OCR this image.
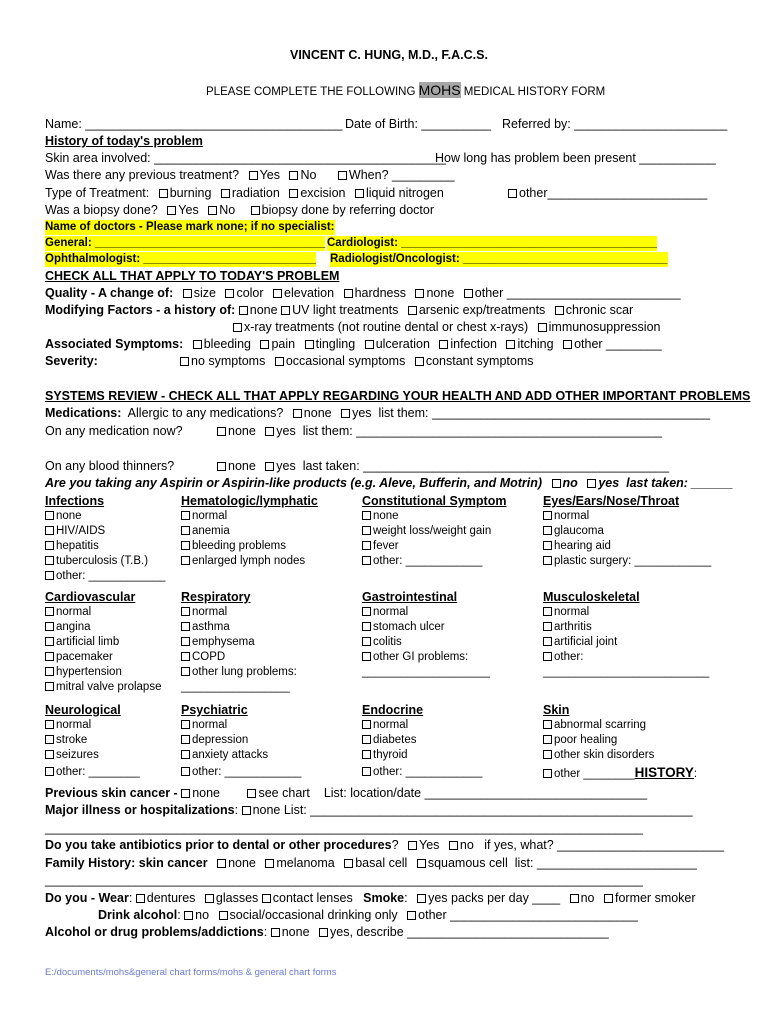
VINCENT C. HUNG, M.D., F.A.C.S.
PLEASE COMPLETE THE FOLLOWING MOHS MEDICAL HISTORY FORM
Name: _____________________________________ Date of Birth: __________ Referred by: ______________________
History of today's problem
Skin area involved: __________________________________________
How long has problem been present ___________
Was there any previous treatment? Yes No	When? _________
Type of Treatment: burning radiation excision liquid nitrogen	other_______________________
Was a biopsy done? Yes No biopsy done by referring doctor
Name of doctors - Please mark none; if no specialist:
General: ____________________________________ Cardiologist: ________________________________________
Ophthalmologist: ___________________________ Radiologist/Oncologist: ________________________________
CHECK ALL THAT APPLY TO TODAY'S PROBLEM
Quality - A change of: size color elevation hardness none other _________________________
Modifying Factors - a history of: none UV light treatments arsenic exp/treatments chronic scar
x-ray treatments (not routine dental or chest x-rays) immunosuppression
Associated Symptoms: bleeding pain tingling ulceration infection itching other ________
Severity:	no symptoms occasional symptoms constant symptoms
SYSTEMS REVIEW - CHECK ALL THAT APPLY REGARDING YOUR HEALTH AND ADD OTHER IMPORTANT PROBLEMS
Medications: Allergic to any medications? none yes list them: ________________________________________
On any medication now?	none yes list them: ____________________________________________
On any blood thinners?	none yes last taken: ____________________________________________
Are you taking any Aspirin or Aspirin-like products (e.g. Aleve, Bufferin, and Motrin) no yes last taken: ______
Infections
none
HIV/AIDS
hepatitis
tuberculosis (T.B.)
other: ____________
Hematologic/lymphatic
normal
anemia
bleeding problems
enlarged lymph nodes
Constitutional Symptom
none
weight loss/weight gain
fever
other: ____________
Eyes/Ears/Nose/Throat
normal
glaucoma
hearing aid
plastic surgery: ____________
Cardiovascular
normal
angina
artificial limb
pacemaker
hypertension
mitral valve prolapse
Respiratory
normal
asthma
emphysema
COPD
other lung problems:
_________________
Gastrointestinal
normal
stomach ulcer
colitis
other GI problems:
____________________
Musculoskeletal
normal
arthritis
artificial joint
other:
__________________________
Neurological
normal
stroke
seizures
other: ________
Psychiatric
normal
depression
anxiety attacks
other: ____________
Endocrine
normal
diabetes
thyroid
other: ____________
Skin
abnormal scarring
poor healing
other skin disorders
other ________HISTORY:
Previous skin cancer - none	see chart List: location/date ________________________________
Major illness or hospitalizations: none List: _______________________________________________________
______________________________________________________________________________________
Do you take antibiotics prior to dental or other procedures? Yes no if yes, what? ________________________
Family History: skin cancer none melanoma basal cell squamous cell list: _______________________
______________________________________________________________________________________
Do you - Wear: dentures glasses contact lenses Smoke: yes packs per day ____ no former smoker
Drink alcohol: no social/occasional drinking only other ___________________________
Alcohol or drug problems/addictions: none yes, describe _____________________________
E:/documents/mohs&general chart forms/mohs & general chart forms
